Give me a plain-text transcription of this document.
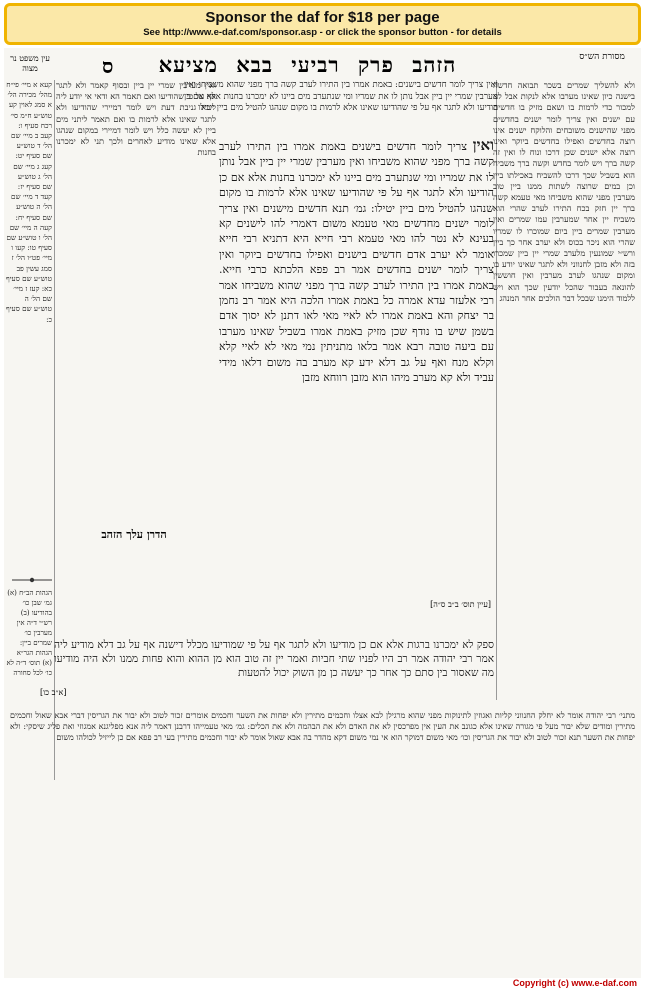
Sponsor the daf for $18 per page
See http://www.e-daf.com/sponsor.asp - or click the sponsor button - for details
מסורת הש״ס
הזהב פרק רביעי בבא מציעא
ס
עין משפט נר מצוה

ולא להשליך שמרים בשכר תבואה חדשה בישנה כיון שאינו מערבו אלא לנקות אבל לא למכור כדי לרמות בו ושאם מזיק בו חדשים עם ישנים ואין צריך לומר ישנים בחדשים מפני שהישנים משובחים והלוקח ישנים אינו רוצה בחדשים ואפילו בחדשים ביוקר ואינו רוצה אלא ישנים שכן דרכו ונוח לו ואין זה קשה ברך ויש לומר בחדש וקשה ברך משביח הוא בשביל שכך דרכו להשביח באכילתו ביין וכן במים שרוצה לשתות ממנו ביין טוב מערבין מפני שהוא משביחו מאי טעמא קשה ברך יין חזק בכח התירו לערב שהרי הוא משביח יין אחר שמערבין עמו שמרים ואין מערבין שמרים ביין ביום שמוכרו לו שמריו שהרי הוא ניכר בכוס ולא יערב אחר כך ביין ורש״י שמונעין מלערב שמרי יין ביין שמכרו בזה ולא מזבן לחנווני ולא לתגר שאינו יודע בו ומקום שנהגו לערב מערבין ואין חוששין להונאה בעבור שהכל יודעין שכך הוא ויש ללמוד הימנו שבכל דבר הולכים אחר המנהג

ואין צריך לומר חדשים בישנים: באמת אמרו בין התירו לערב קשה ברך מפני שהוא משביחו ואין מערבין שמרי יין ביין אבל נותן לו את שמריו ומי שנתערב מים ביינו לא ימכרנו בחנות אלא אם כן הודיעו ולא לתגר אף על פי שהודיעו שאינו אלא לרמות בו מקום שנהגו להטיל מים ביין יטילו

ואין צריך לומר חדשים בישנים באמת אמרו בין התירו לערב קשה ברך מפני שהוא משביחו ואין מערבין שמרי יין ביין אבל נותן לו את שמריו ומי שנתערב מים ביינו לא ימכרנו בחנות אלא אם כן הודיעו ולא לתגר אף על פי שהודיעו שאינו אלא לרמות בו מקום שנהגו להטיל מים ביין יטילו: גמ׳ תנא חדשים מישנים ואין צריך לומר ישנים מחדשים מאי טעמא משום דאמרי להו לישנים קא בעינא לא נטר להו מאי טעמא רבי חייא היא דתניא רבי חייא אומר לא יערב אדם חדשים בישנים ואפילו בחדשים ביוקר ואין צריך לומר ישנים בחדשים אמר רב פפא הלכתא כרבי חייא. באמת אמרו בין התירו לערב קשה ברך מפני שהוא משביחו אמר רבי אלעזר עדא אמרה כל באמת אמרו הלכה היא אמר רב נחמן בר יצחק והא באמת אמרו לא לאיי מאי לאו דתנן לא יסוך אדם בשמן שיש בו נודף שכן מזיק באמת אמרו בשביל שאינו מערבו עם ביעה טובה רבא אמר בלאו מתניתין נמי מאי לא לאיי קלא וקלא מנח ואף על גב דלא ידע קא מערב בה משום דלאו מידי עביד ולא קא מערב מיהו הוא מזבן רווחא מזבן

ואין מערבין שמרי יין ביין ובסוף קאמר ולא לתגר אף על פי שהודיעו ואם תאמר הא ודאי אי יודע ליה ליכא גניבת דעת ויש לומר דמיירי שהודיעו ולא לתגר שאינו אלא לרמות בו ואם תאמר ליתני מים ביין לא יעשה כלל ויש לומר דמיירי במקום שנהגו אלא שאינו מודיע לאחרים ולכך תני לא ימכרנו בחנות

הדרן עלך הזהב

קעא א מיי׳ פי״ח מהל׳ מכירה הל׳ א סמג לאוין קע טוש״ע ח״מ סי׳ רכח סעיף ו: קעב ב מיי׳ שם הל׳ ד טוש״ע שם סעיף יט: קעג ג מיי׳ שם הל׳ ג טוש״ע שם סעיף יז: קעד ד מיי׳ שם הל׳ ה טוש״ע שם סעיף יח: קעה ה מיי׳ שם הל׳ ו טוש״ע שם סעיף טו: קעו ו מיי׳ פט״ו הל׳ ז סמג עשין פב טוש״ע שם סעיף כא: קעז ז מיי׳ שם הל׳ ה טוש״ע שם סעיף כ:

הגהות הב״ח (א) גמ׳ שבן כו׳ בהודיעו (ב) רש״י ד״ה אין מערבין כו׳ שמרים ביין: הגהות הגר״א (א) תוס׳ ד״ה לא כו׳ לכל סחורה

[עיין תוס׳ ב״ב ס״ה]

ספק לא ימכרנו ברגות אלא אם כן מודיעו ולא לתגר אף על פי שמודיעו מכלל דישנה אף על גב דלא מודיע ליה אמר רבי יהודה אמר רב היו לפניו שתי חביות ואמר יין זה טוב הוא מן ההוא והוא פחות ממנו ולא היה מודיעו מה שאסור בין סתם כך אחר כך יעשה כן מן השוק יכול להטעות

[א״ב כו]

מתני׳ רבי יהודה אומר לא יחלק החנווני קליות ואגוזין לתינוקות מפני שהוא מרגילן לבא אצלו וחכמים מתירין ולא יפחות את השער וחכמים אומרים זכור לטוב ולא יבור את הגריסין דברי אבא שאול וחכמים מתירין ומודים שלא יבור מעל פי מגורה שאינו אלא כגונב את העין אין מפרכסין לא את האדם ולא את הבהמה ולא את הכלים: גמ׳ מאי טעמייהו דרבנן דאמר ליה אנא מפליגנא אמגוזי ואת פליג שיסקי: ולא יפחות את השער תנא זכור לטוב ולא יבור את הגריסין וכו׳ מאי משום דמוקר הוא אי נמי משום דקא מהדר בה אבא שאול אומר לא יבור וחכמים מתירין בעי רב פפא אם כן לייזיל לכולהו משום

Copyright (c) www.e-daf.com
